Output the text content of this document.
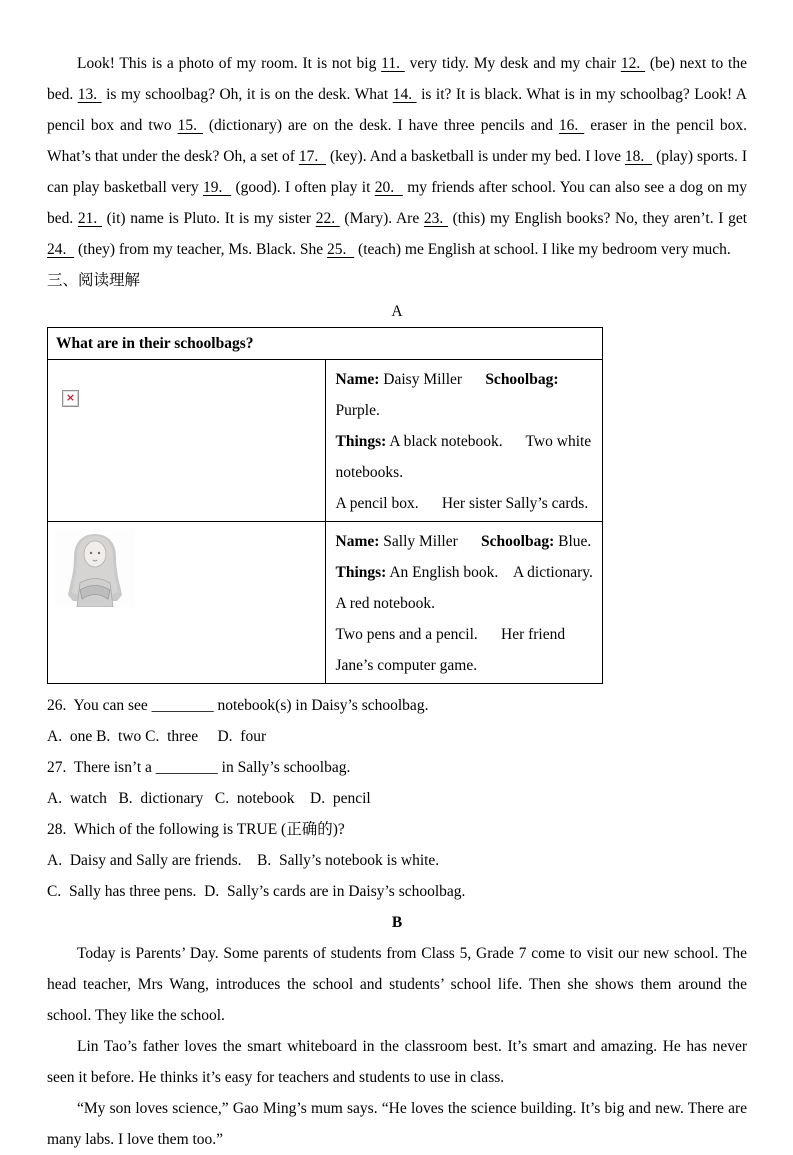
Look! This is a photo of my room. It is not big 11.  very tidy. My desk and my chair 12.  (be) next to the bed. 13.  is my schoolbag? Oh, it is on the desk. What 14.  is it? It is black. What is in my schoolbag? Look! A pencil box and two 15.  (dictionary) are on the desk. I have three pencils and 16.  eraser in the pencil box. What’s that under the desk? Oh, a set of 17.   (key). And a basketball is under my bed. I love 18.   (play) sports. I can play basketball very 19.   (good). I often play it 20.   my friends after school. You can also see a dog on my bed. 21.  (it) name is Pluto. It is my sister 22.  (Mary). Are 23.  (this) my English books? No, they aren’t. I get 24.   (they) from my teacher, Ms. Black. She 25.   (teach) me English at school. I like my bedroom very much.

三、阅读理解

A
What are in their schoolbags?	

×	Name: Daisy Miller      Schoolbag: Purple.
Things: A black notebook.      Two white notebooks.
A pencil box.      Her sister Sally’s cards.

Name: Sally Miller      Schoolbag: Blue.
Things: An English book.    A dictionary.      A red notebook.
Two pens and a pencil.      Her friend Jane’s computer game.
26.  You can see ________ notebook(s) in Daisy’s schoolbag.
A.  one B.  two C.  three     D.  four
27.  There isn’t a ________ in Sally’s schoolbag.
A.  watch   B.  dictionary   C.  notebook    D.  pencil
28.  Which of the following is TRUE (正确的)?
A.  Daisy and Sally are friends.    B.  Sally’s notebook is white.
C.  Sally has three pens.  D.  Sally’s cards are in Daisy’s schoolbag.
B

Today is Parents’ Day. Some parents of students from Class 5, Grade 7 come to visit our new school. The head teacher, Mrs Wang, introduces the school and students’ school life. Then she shows them around the school. They like the school.

Lin Tao’s father loves the smart whiteboard in the classroom best. It’s smart and amazing. He has never seen it before. He thinks it’s easy for teachers and students to use in class.

“My son loves science,” Gao Ming’s mum says. “He loves the science building. It’s big and new. There are many labs. I love them too.”
